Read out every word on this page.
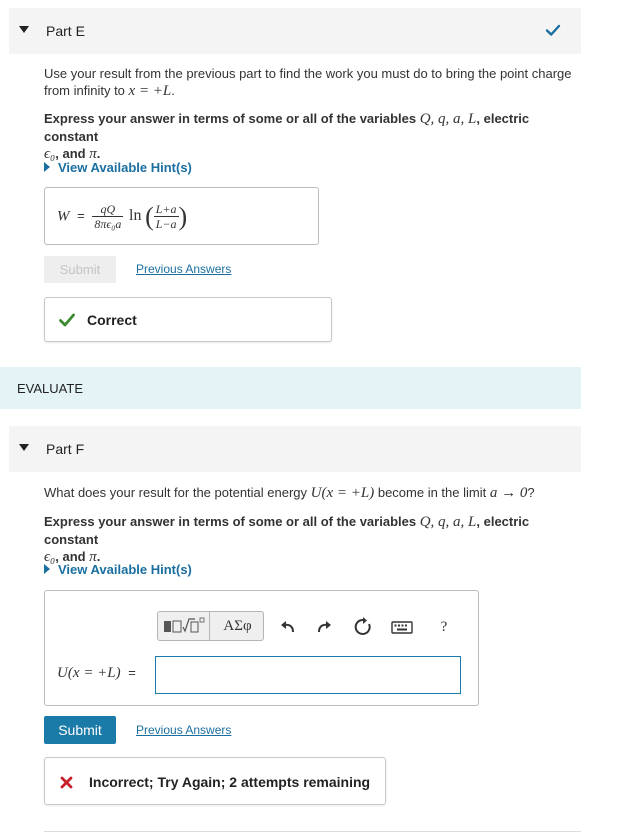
Part E
Use your result from the previous part to find the work you must do to bring the point charge from infinity to x = +L.
Express your answer in terms of some or all of the variables Q, q, a, L, electric constant
ϵ₀, and π.
View Available Hint(s)
$W = \frac{qQ}{\text{8πϵ₀a}}$ ln ( $\frac{L+a}{L-a}$ )
Submit	Previous Answers
Correct
EVALUATE
Part F
What does your result for the potential energy U(x = +L) become in the limit a → 0?
Express your answer in terms of some or all of the variables Q, q, a, L, electric constant
ϵ₀, and π.
View Available Hint(s)
ΑΣφ	?
U(x = +L) =
Submit	Previous Answers
Incorrect; Try Again; 2 attempts remaining
